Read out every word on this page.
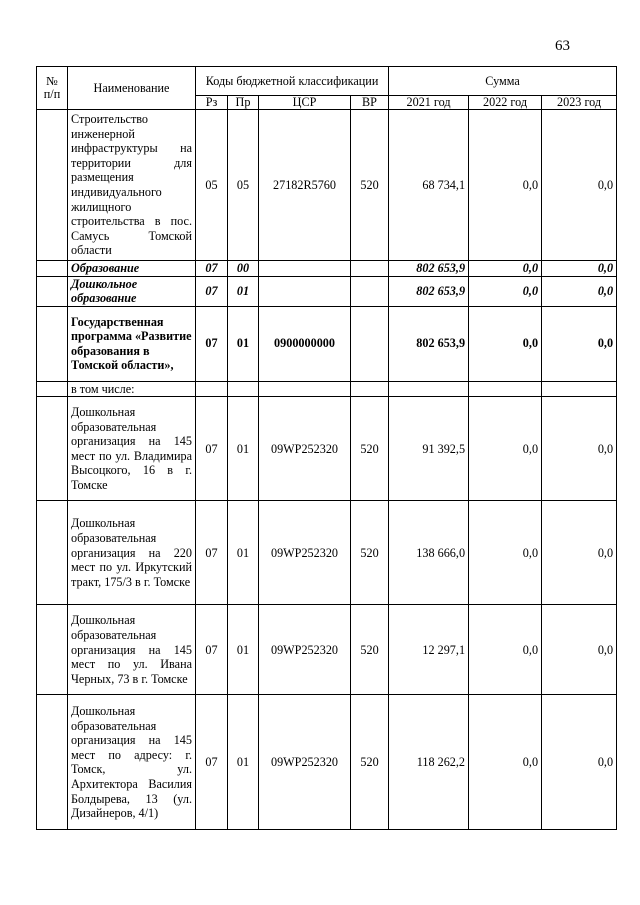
63
№ п/п	Наименование	Коды бюджетной классификации				Сумма		
		Рз	Пр	ЦСР	ВР	2021 год	2022 год	2023 год
	Строительство инженерной инфраструктуры на территории для размещения индивидуального жилищного строительства в пос. Самусь Томской области	05	05	27182R5760	520	68 734,1	0,0	0,0
	Образование	07	00			802 653,9	0,0	0,0
	Дошкольное образование	07	01			802 653,9	0,0	0,0
	Государственная программа «Развитие образования в Томской области»,	07	01	0900000000		802 653,9	0,0	0,0
	в том числе:							
	Дошкольная образовательная организация на 145 мест по ул. Владимира Высоцкого, 16 в г. Томске	07	01	09WP252320	520	91 392,5	0,0	0,0
	Дошкольная образовательная организация на 220 мест по ул. Иркутский тракт, 175/3 в г. Томске	07	01	09WP252320	520	138 666,0	0,0	0,0
	Дошкольная образовательная организация на 145 мест по ул. Ивана Черных, 73 в г. Томске	07	01	09WP252320	520	12 297,1	0,0	0,0
	Дошкольная образовательная организация на 145 мест по адресу: г. Томск, ул. Архитектора Василия Болдырева, 13 (ул. Дизайнеров, 4/1)	07	01	09WP252320	520	118 262,2	0,0	0,0
